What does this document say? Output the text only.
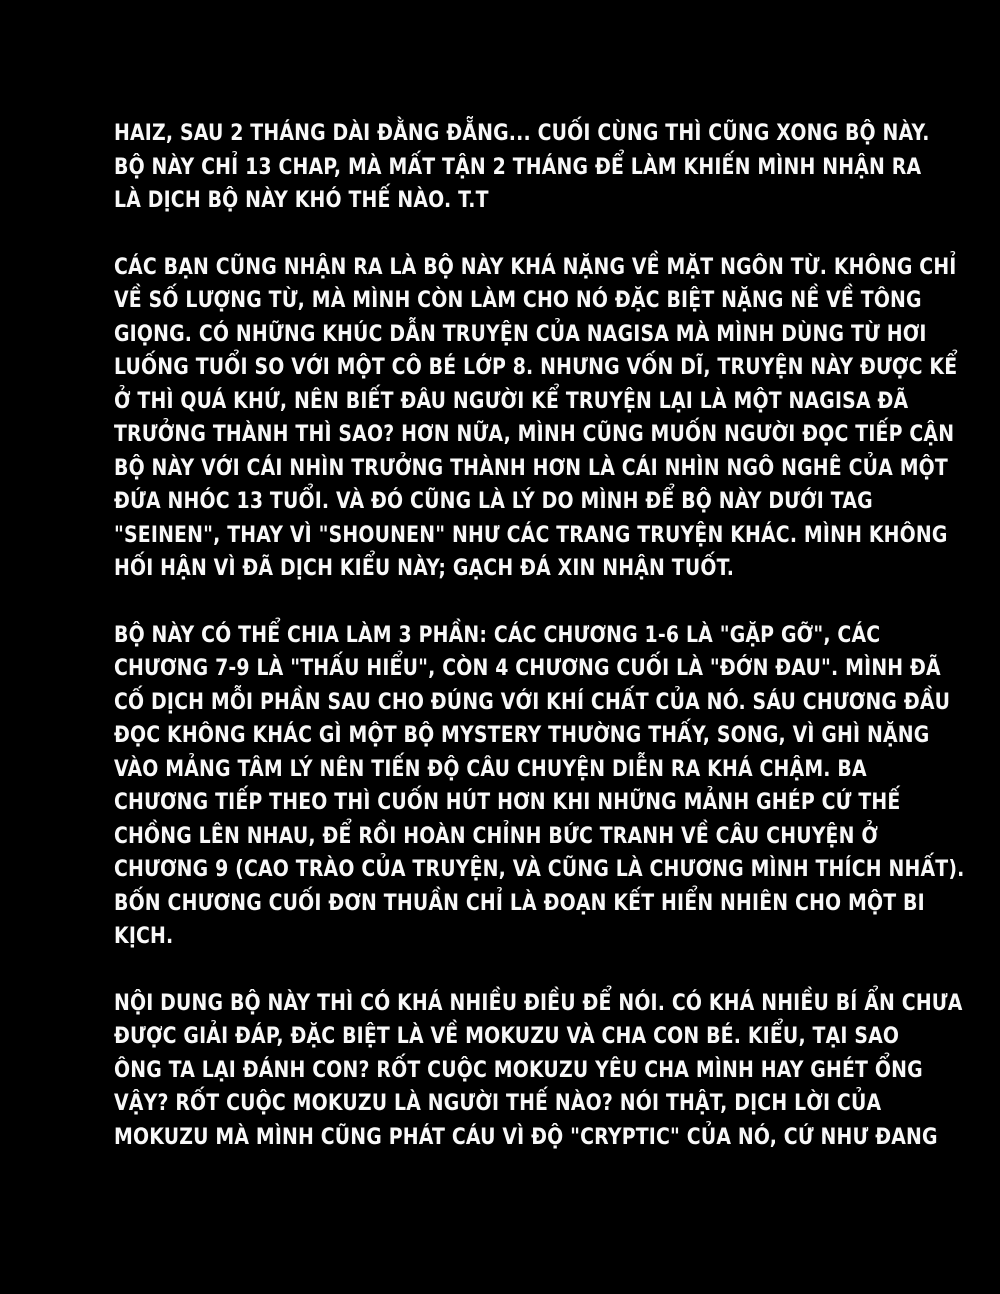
HAIZ, SAU 2 THÁNG DÀI ĐẰNG ĐẴNG... CUỐI CÙNG THÌ CŨNG XONG BỘ NÀY.
BỘ NÀY CHỈ 13 CHAP, MÀ MẤT TẬN 2 THÁNG ĐỂ LÀM KHIẾN MÌNH NHẬN RA
LÀ DỊCH BỘ NÀY KHÓ THẾ NÀO. T.T
CÁC BẠN CŨNG NHẬN RA LÀ BỘ NÀY KHÁ NẶNG VỀ MẶT NGÔN TỪ. KHÔNG CHỈ
VỀ SỐ LƯỢNG TỪ, MÀ MÌNH CÒN LÀM CHO NÓ ĐẶC BIỆT NẶNG NỀ VỀ TÔNG
GIỌNG. CÓ NHỮNG KHÚC DẪN TRUYỆN CỦA NAGISA MÀ MÌNH DÙNG TỪ HƠI
LUỐNG TUỔI SO VỚI MỘT CÔ BÉ LỚP 8. NHƯNG VỐN DĨ, TRUYỆN NÀY ĐƯỢC KỂ
Ở THÌ QUÁ KHỨ, NÊN BIẾT ĐÂU NGƯỜI KỂ TRUYỆN LẠI LÀ MỘT NAGISA ĐÃ
TRƯỞNG THÀNH THÌ SAO? HƠN NỮA, MÌNH CŨNG MUỐN NGƯỜI ĐỌC TIẾP CẬN
BỘ NÀY VỚI CÁI NHÌN TRƯỞNG THÀNH HƠN LÀ CÁI NHÌN NGÔ NGHÊ CỦA MỘT
ĐỨA NHÓC 13 TUỔI. VÀ ĐÓ CŨNG LÀ LÝ DO MÌNH ĐỂ BỘ NÀY DƯỚI TAG
"SEINEN", THAY VÌ "SHOUNEN" NHƯ CÁC TRANG TRUYỆN KHÁC. MÌNH KHÔNG
HỐI HẬN VÌ ĐÃ DỊCH KIỂU NÀY; GẠCH ĐÁ XIN NHẬN TUỐT.
BỘ NÀY CÓ THỂ CHIA LÀM 3 PHẦN: CÁC CHƯƠNG 1-6 LÀ "GẶP GỠ", CÁC
CHƯƠNG 7-9 LÀ "THẤU HIỂU", CÒN 4 CHƯƠNG CUỐI LÀ "ĐỚN ĐAU". MÌNH ĐÃ
CỐ DỊCH MỖI PHẦN SAU CHO ĐÚNG VỚI KHÍ CHẤT CỦA NÓ. SÁU CHƯƠNG ĐẦU
ĐỌC KHÔNG KHÁC GÌ MỘT BỘ MYSTERY THƯỜNG THẤY, SONG, VÌ GHÌ NẶNG
VÀO MẢNG TÂM LÝ NÊN TIẾN ĐỘ CÂU CHUYỆN DIỄN RA KHÁ CHẬM. BA
CHƯƠNG TIẾP THEO THÌ CUỐN HÚT HƠN KHI NHỮNG MẢNH GHÉP CỨ THẾ
CHỒNG LÊN NHAU, ĐỂ RỒI HOÀN CHỈNH BỨC TRANH VỀ CÂU CHUYỆN Ở
CHƯƠNG 9 (CAO TRÀO CỦA TRUYỆN, VÀ CŨNG LÀ CHƯƠNG MÌNH THÍCH NHẤT).
BỐN CHƯƠNG CUỐI ĐƠN THUẦN CHỈ LÀ ĐOẠN KẾT HIỂN NHIÊN CHO MỘT BI
KỊCH.
NỘI DUNG BỘ NÀY THÌ CÓ KHÁ NHIỀU ĐIỀU ĐỂ NÓI. CÓ KHÁ NHIỀU BÍ ẨN CHƯA
ĐƯỢC GIẢI ĐÁP, ĐẶC BIỆT LÀ VỀ MOKUZU VÀ CHA CON BÉ. KIỂU, TẠI SAO
ÔNG TA LẠI ĐÁNH CON? RỐT CUỘC MOKUZU YÊU CHA MÌNH HAY GHÉT ỔNG
VẬY? RỐT CUỘC MOKUZU LÀ NGƯỜI THẾ NÀO? NÓI THẬT, DỊCH LỜI CỦA
MOKUZU MÀ MÌNH CŨNG PHÁT CÁU VÌ ĐỘ "CRYPTIC" CỦA NÓ, CỨ NHƯ ĐANG
